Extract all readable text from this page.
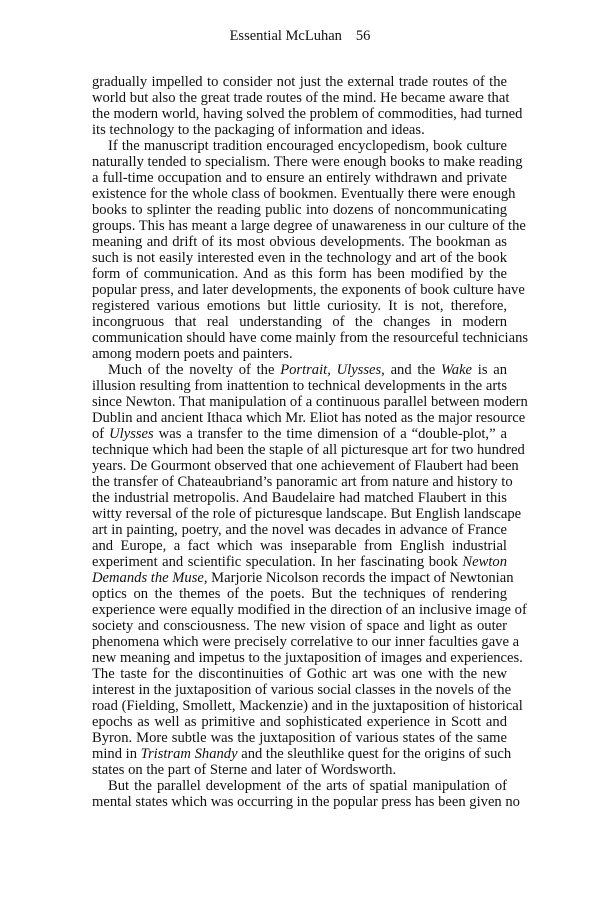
Essential McLuhan 56
gradually impelled to consider not just the external trade routes of the
world but also the great trade routes of the mind. He became aware that
the modern world, having solved the problem of commodities, had turned
its technology to the packaging of information and ideas.
If the manuscript tradition encouraged encyclopedism, book culture
naturally tended to specialism. There were enough books to make reading
a full-time occupation and to ensure an entirely withdrawn and private
existence for the whole class of bookmen. Eventually there were enough
books to splinter the reading public into dozens of noncommunicating
groups. This has meant a large degree of unawareness in our culture of the
meaning and drift of its most obvious developments. The bookman as
such is not easily interested even in the technology and art of the book
form of communication. And as this form has been modified by the
popular press, and later developments, the exponents of book culture have
registered various emotions but little curiosity. It is not, therefore,
incongruous that real understanding of the changes in modern
communication should have come mainly from the resourceful technicians
among modern poets and painters.
Much of the novelty of the Portrait, Ulysses, and the Wake is an
illusion resulting from inattention to technical developments in the arts
since Newton. That manipulation of a continuous parallel between modern
Dublin and ancient Ithaca which Mr. Eliot has noted as the major resource
of Ulysses was a transfer to the time dimension of a “double-plot,” a
technique which had been the staple of all picturesque art for two hundred
years. De Gourmont observed that one achievement of Flaubert had been
the transfer of Chateaubriand’s panoramic art from nature and history to
the industrial metropolis. And Baudelaire had matched Flaubert in this
witty reversal of the role of picturesque landscape. But English landscape
art in painting, poetry, and the novel was decades in advance of France
and Europe, a fact which was inseparable from English industrial
experiment and scientific speculation. In her fascinating book Newton
Demands the Muse, Marjorie Nicolson records the impact of Newtonian
optics on the themes of the poets. But the techniques of rendering
experience were equally modified in the direction of an inclusive image of
society and consciousness. The new vision of space and light as outer
phenomena which were precisely correlative to our inner faculties gave a
new meaning and impetus to the juxtaposition of images and experiences.
The taste for the discontinuities of Gothic art was one with the new
interest in the juxtaposition of various social classes in the novels of the
road (Fielding, Smollett, Mackenzie) and in the juxtaposition of historical
epochs as well as primitive and sophisticated experience in Scott and
Byron. More subtle was the juxtaposition of various states of the same
mind in Tristram Shandy and the sleuthlike quest for the origins of such
states on the part of Sterne and later of Wordsworth.
But the parallel development of the arts of spatial manipulation of
mental states which was occurring in the popular press has been given no
